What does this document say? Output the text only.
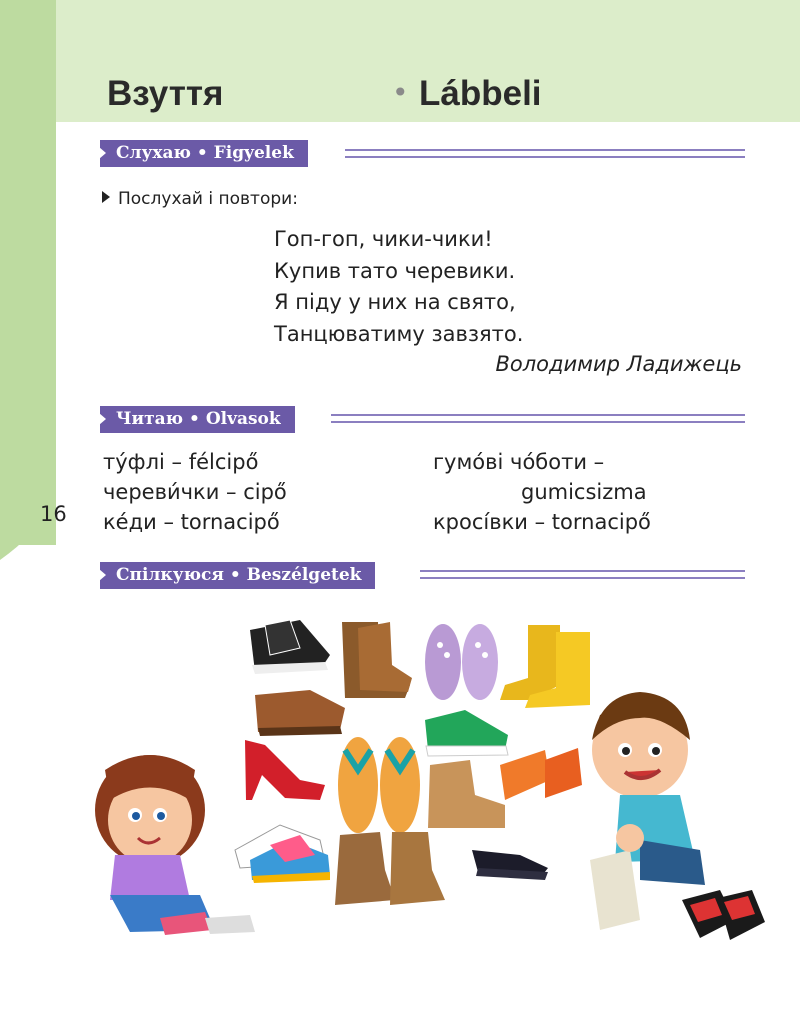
Взуття	• Lábbeli
Слухаю • Figyelek
Послухай і повтори:
Гоп-гоп, чики-чики!
Купив тато черевики.
Я піду у них на свято,
Танцюватиму завзято.
Володимир Ладижець
Читаю • Olvasok
ту́флі – félcipő
череви́чки – cipő
ке́ди – tornacipő
гумо́ві чо́боти –
gumicsizma
кросі́вки – tornacipő
16
Спілкуюся • Beszélgetek
